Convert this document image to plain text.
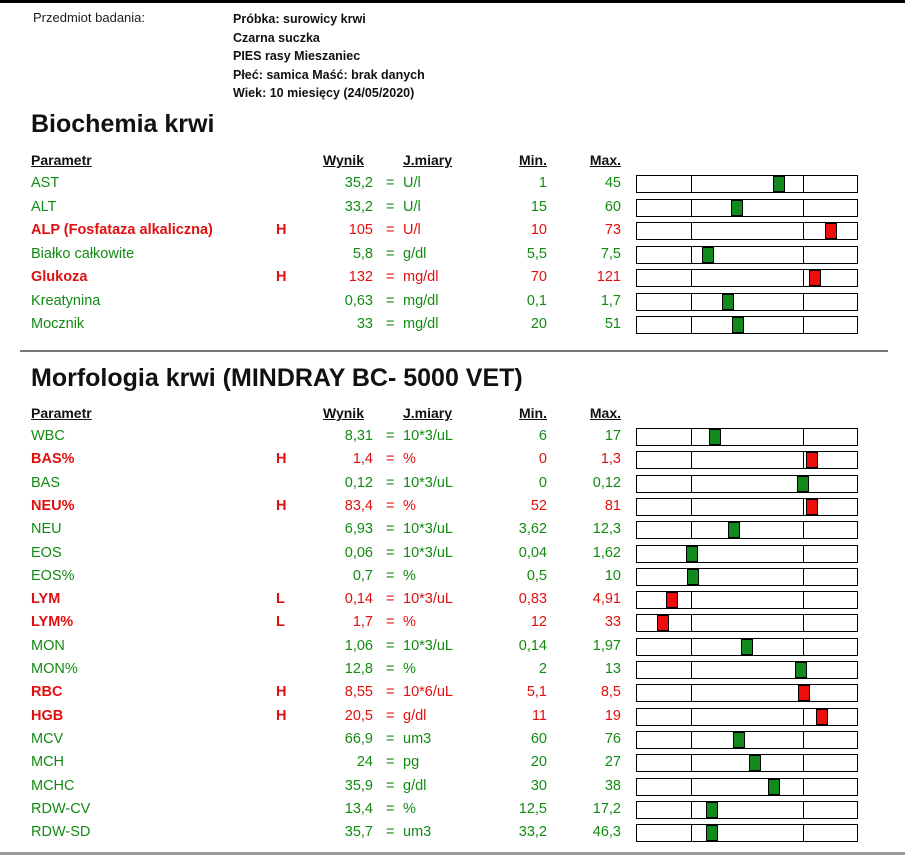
Przedmiot badania:	Próbka: surowicy krwi
Czarna suczka
PIES rasy Mieszaniec
Płeć: samica Maść: brak danych
Wiek: 10 miesięcy (24/05/2020)
Biochemia krwi
Morfologia krwi (MINDRAY BC- 5000 VET)
Parametr	Wynik	J.miary	Min.	Max.
AST	35,2 = U/l	1	45
ALT	33,2 = U/l	15	60
ALP (Fosfataza alkaliczna)	H	105 = U/l	10	73
Białko całkowite	5,8 = g/dl	5,5	7,5
Glukoza	H	132 = mg/dl	70	121
Kreatynina	0,63 = mg/dl	0,1	1,7
Mocznik	33 = mg/dl	20	51
Parametr	Wynik	J.miary	Min.	Max.
WBC	8,31 = 10*3/uL	6	17
BAS%	H	1,4 = %	0	1,3
BAS	0,12 = 10*3/uL	0	0,12
NEU%	H	83,4 = %	52	81
NEU	6,93 = 10*3/uL	3,62	12,3
EOS	0,06 = 10*3/uL	0,04	1,62
EOS%	0,7 = %	0,5	10
LYM	L	0,14 = 10*3/uL	0,83	4,91
LYM%	L	1,7 = %	12	33
MON	1,06 = 10*3/uL	0,14	1,97
MON%	12,8 = %	2	13
RBC	H	8,55 = 10*6/uL	5,1	8,5
HGB	H	20,5 = g/dl	11	19
MCV	66,9 = um3	60	76
MCH	24 = pg	20	27
MCHC	35,9 = g/dl	30	38
RDW-CV	13,4 = %	12,5	17,2
RDW-SD	35,7 = um3	33,2	46,3
